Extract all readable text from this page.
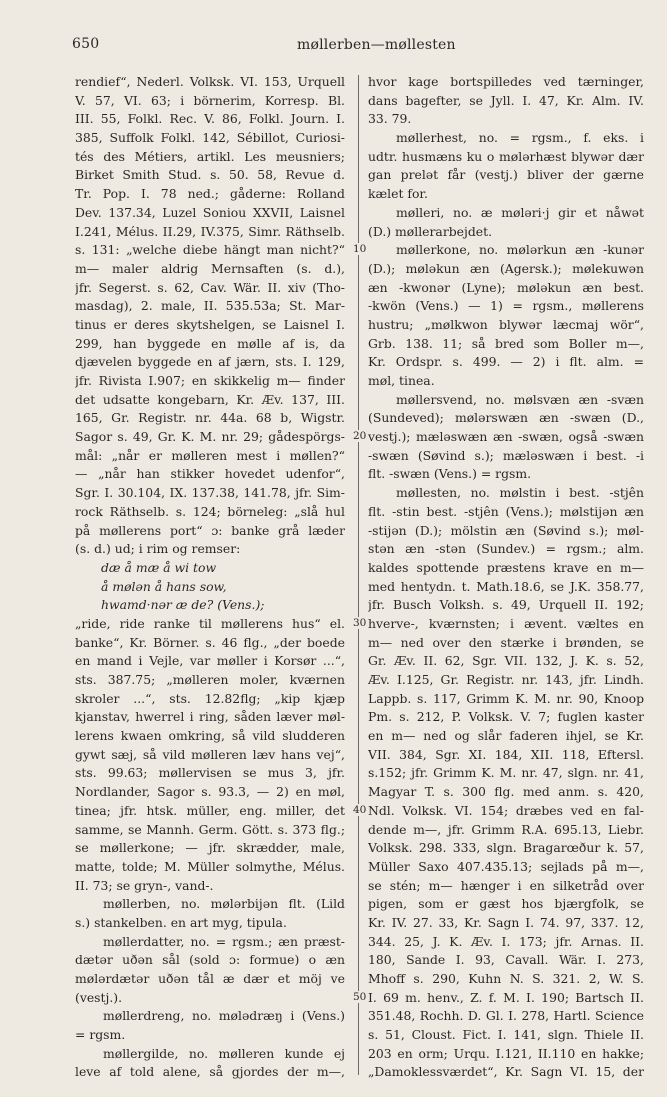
650	møllerben—møllesten
10
20
30
40
50
rendief“, Nederl. Volksk. VI. 153, Urquell
V. 57, VI. 63; i börnerim, Korresp. Bl.
III. 55, Folkl. Rec. V. 86, Folkl. Journ. I.
385, Suffolk Folkl. 142, Sébillot, Curiosi-
tés des Métiers, artikl. Les meusniers;
Birket Smith Stud. s. 50. 58, Revue d.
Tr. Pop. I. 78 ned.; gåderne: Rolland
Dev. 137.34, Luzel Soniou XXVII, Laisnel
I.241, Mélus. II.29, IV.375, Simr. Räthselb.
s. 131: „welche diebe hängt man nicht?“
m— maler aldrig Mernsaften (s. d.),
jfr. Segerst. s. 62, Cav. Wär. II. xiv (Tho-
masdag), 2. male, II. 535.53a; St. Mar-
tinus er deres skytshelgen, se Laisnel I.
299, han byggede en mølle af is, da
djævelen byggede en af jærn, sts. I. 129,
jfr. Rivista I.907; en skikkelig m— finder
det udsatte kongebarn, Kr. Æv. 137, III.
165, Gr. Registr. nr. 44a. 68 b, Wigstr.
Sagor s. 49, Gr. K. M. nr. 29; gådespörgs-
mål: „når er mølleren mest i møllen?“
— „når han stikker hovedet udenfor“,
Sgr. I. 30.104, IX. 137.38, 141.78, jfr. Sim-
rock Räthselb. s. 124; börneleg: „slå hul
på møllerens port“ ɔ: banke grå læder
(s. d.) ud; i rim og remser:
dæ å mæ å wi tow
å mølən å hans sow,
hwamd·nər æ de? (Vens.);
„ride, ride ranke til møllerens hus“ el.
banke“, Kr. Börner. s. 46 flg., „der boede
en mand i Vejle, var møller i Korsør ...“,
sts. 387.75; „mølleren moler, kværnen
skroler ...“, sts. 12.82flg; „kip kjæp
kjanstav, hwerrel i ring, såden læver møl-
lerens kwaen omkring, så vild sludderen
gywt sæj, så vild mølleren læv hans vej“,
sts. 99.63; møllervisen se mus 3, jfr.
Nordlander, Sagor s. 93.3, — 2) en møl,
tinea; jfr. htsk. müller, eng. miller, det
samme, se Mannh. Germ. Gött. s. 373 flg.;
se møllerkone; — jfr. skrædder, male,
matte, tolde; M. Müller solmythe, Mélus.
II. 73; se gryn-, vand-.
møllerben, no. mølərbijən flt. (Lild
s.) stankelben. en art myg, tipula.
møllerdatter, no. = rgsm.; æn præst-
dætər uðən sål (sold ɔ: formue) o æn
mølərdætər uðən tål æ dær et möj ve
(vestj.).
møllerdreng, no. mølədræŋ i (Vens.)
= rgsm.
møllergilde, no. mølleren kunde ej
leve af told alene, så gjordes der m—,
hvor kage bortspilledes ved tærninger,
dans bagefter, se Jyll. I. 47, Kr. Alm. IV.
33. 79.
møllerhest, no. = rgsm., f. eks. i
udtr. husmæns ku o mølərhæst blywər dær
gan prelət får (vestj.) bliver der gærne
kælet for.
mølleri, no. æ møləri·j gir et nåwət
(D.) møllerarbejdet.
møllerkone, no. mølərkun æn -kunər
(D.); møləkun æn (Agersk.); mølekuwən
æn -kwonər (Lyne); møləkun æn best.
-kwön (Vens.) — 1) = rgsm., møllerens
hustru; „mølkwon blywər læcmaj wör“,
Grb. 138. 11; så bred som Boller m—,
Kr. Ordspr. s. 499. — 2) i flt. alm. =
møl, tinea.
møllersvend, no. mølsvæn æn -svæn
(Sundeved); mølərswæn æn -swæn (D.,
vestj.); mæləswæn æn -swæn, også -swæn
-swæn (Søvind s.); mæləswæn i best. -i
flt. -swæn (Vens.) = rgsm.
møllesten, no. mølstin i best. -stjên
flt. -stin best. -stjên (Vens.); mølstijən æn
-stijən (D.); mölstin æn (Søvind s.); møl-
stən æn -stən (Sundev.) = rgsm.; alm.
kaldes spottende præstens krave en m—
med hentydn. t. Math.18.6, se J.K. 358.77,
jfr. Busch Volksh. s. 49, Urquell II. 192;
hverve-, kværnsten; i ævent. væltes en
m— ned over den stærke i brønden, se
Gr. Æv. II. 62, Sgr. VII. 132, J. K. s. 52,
Æv. I.125, Gr. Registr. nr. 143, jfr. Lindh.
Lappb. s. 117, Grimm K. M. nr. 90, Knoop
Pm. s. 212, P. Volksk. V. 7; fuglen kaster
en m— ned og slår faderen ihjel, se Kr.
VII. 384, Sgr. XI. 184, XII. 118, Eftersl.
s.152; jfr. Grimm K. M. nr. 47, slgn. nr. 41,
Magyar T. s. 300 flg. med anm. s. 420,
Ndl. Volksk. VI. 154; dræbes ved en fal-
dende m—, jfr. Grimm R.A. 695.13, Liebr.
Volksk. 298. 333, slgn. Bragarœður k. 57,
Müller Saxo 407.435.13; sejlads på m—,
se stén; m— hænger i en silketråd over
pigen, som er gæst hos bjærgfolk, se
Kr. IV. 27. 33, Kr. Sagn I. 74. 97, 337. 12,
344. 25, J. K. Æv. I. 173; jfr. Arnas. II.
180, Sande I. 93, Cavall. Wär. I. 273,
Mhoff s. 290, Kuhn N. S. 321. 2, W. S.
I. 69 m. henv., Z. f. M. I. 190; Bartsch II.
351.48, Rochh. D. Gl. I. 278, Hartl. Science
s. 51, Cloust. Fict. I. 141, slgn. Thiele II.
203 en orm; Urqu. I.121, II.110 en hakke;
„Damoklessværdet“, Kr. Sagn VI. 15, der
